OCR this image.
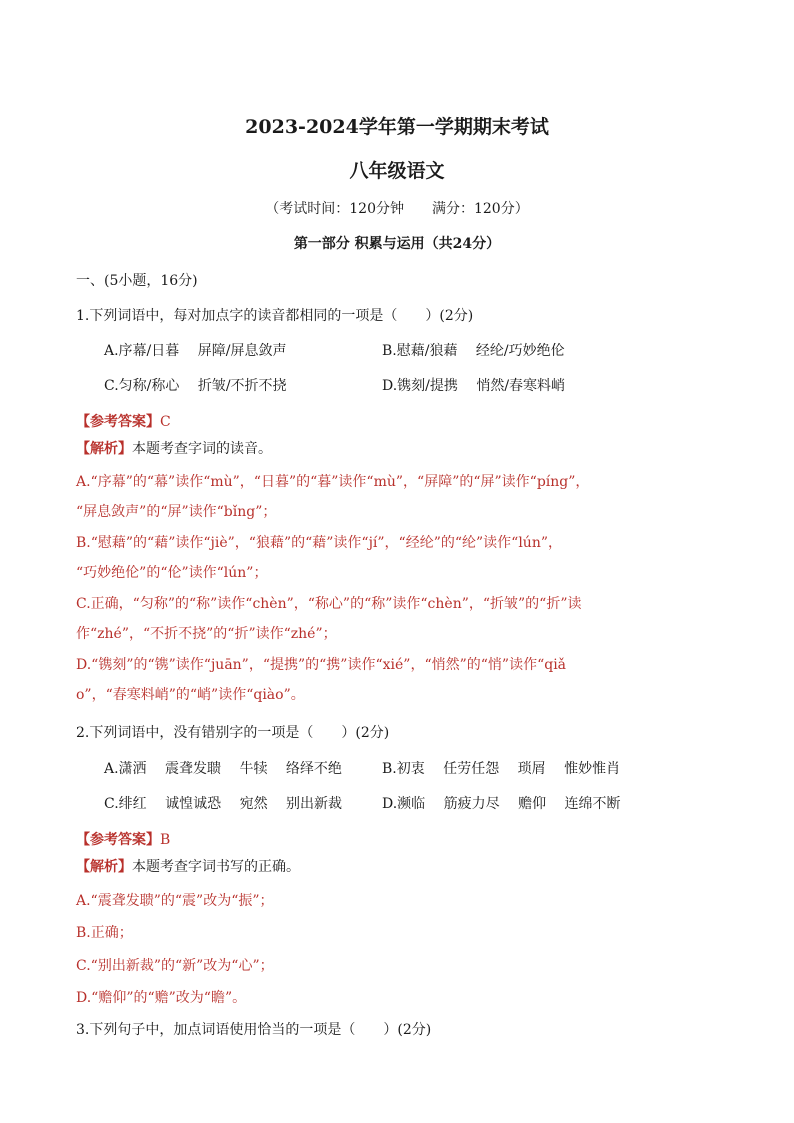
2023-2024学年第一学期期末考试
八年级语文
（考试时间：120分钟　　满分：120分）
第一部分 积累与运用（共24分）
一、(5小题，16分)
1.下列词语中，每对加点字的读音都相同的一项是（　　）(2分)
A.序幕/日暮　 屏障/屏息敛声	B.慰藉/狼藉　 经纶/巧妙绝伦
C.匀称/称心　 折皱/不折不挠	D.镌刻/提携　 悄然/春寒料峭
【参考答案】C
【解析】本题考查字词的读音。
A.“序幕”的“幕”读作“mù”，“日暮”的“暮”读作“mù”，“屏障”的“屏”读作“píng”，
“屏息敛声”的“屏”读作“bǐng”；
B.“慰藉”的“藉”读作“jiè”，“狼藉”的“藉”读作“jí”，“经纶”的“纶”读作“lún”，
“巧妙绝伦”的“伦”读作“lún”；
C.正确，“匀称”的“称”读作“chèn”，“称心”的“称”读作“chèn”，“折皱”的“折”读
作“zhé”，“不折不挠”的“折”读作“zhé”；
D.“镌刻”的“镌”读作“juān”，“提携”的“携”读作“xié”，“悄然”的“悄”读作“qiǎ
o”，“春寒料峭”的“峭”读作“qiào”。
2.下列词语中，没有错别字的一项是（　　）(2分)
A.潇洒　 震聋发聩　 牛犊　 络绎不绝	B.初衷　 任劳任怨　 琐屑　 惟妙惟肖
C.绯红　 诚惶诚恐　 宛然　 别出新裁	D.濒临　 筋疲力尽　 赡仰　 连绵不断
【参考答案】B
【解析】本题考查字词书写的正确。
A.“震聋发聩”的“震”改为“振”；
B.正确；
C.“别出新裁”的“新”改为“心”；
D.“赡仰”的“赡”改为“瞻”。
3.下列句子中，加点词语使用恰当的一项是（　　）(2分)
